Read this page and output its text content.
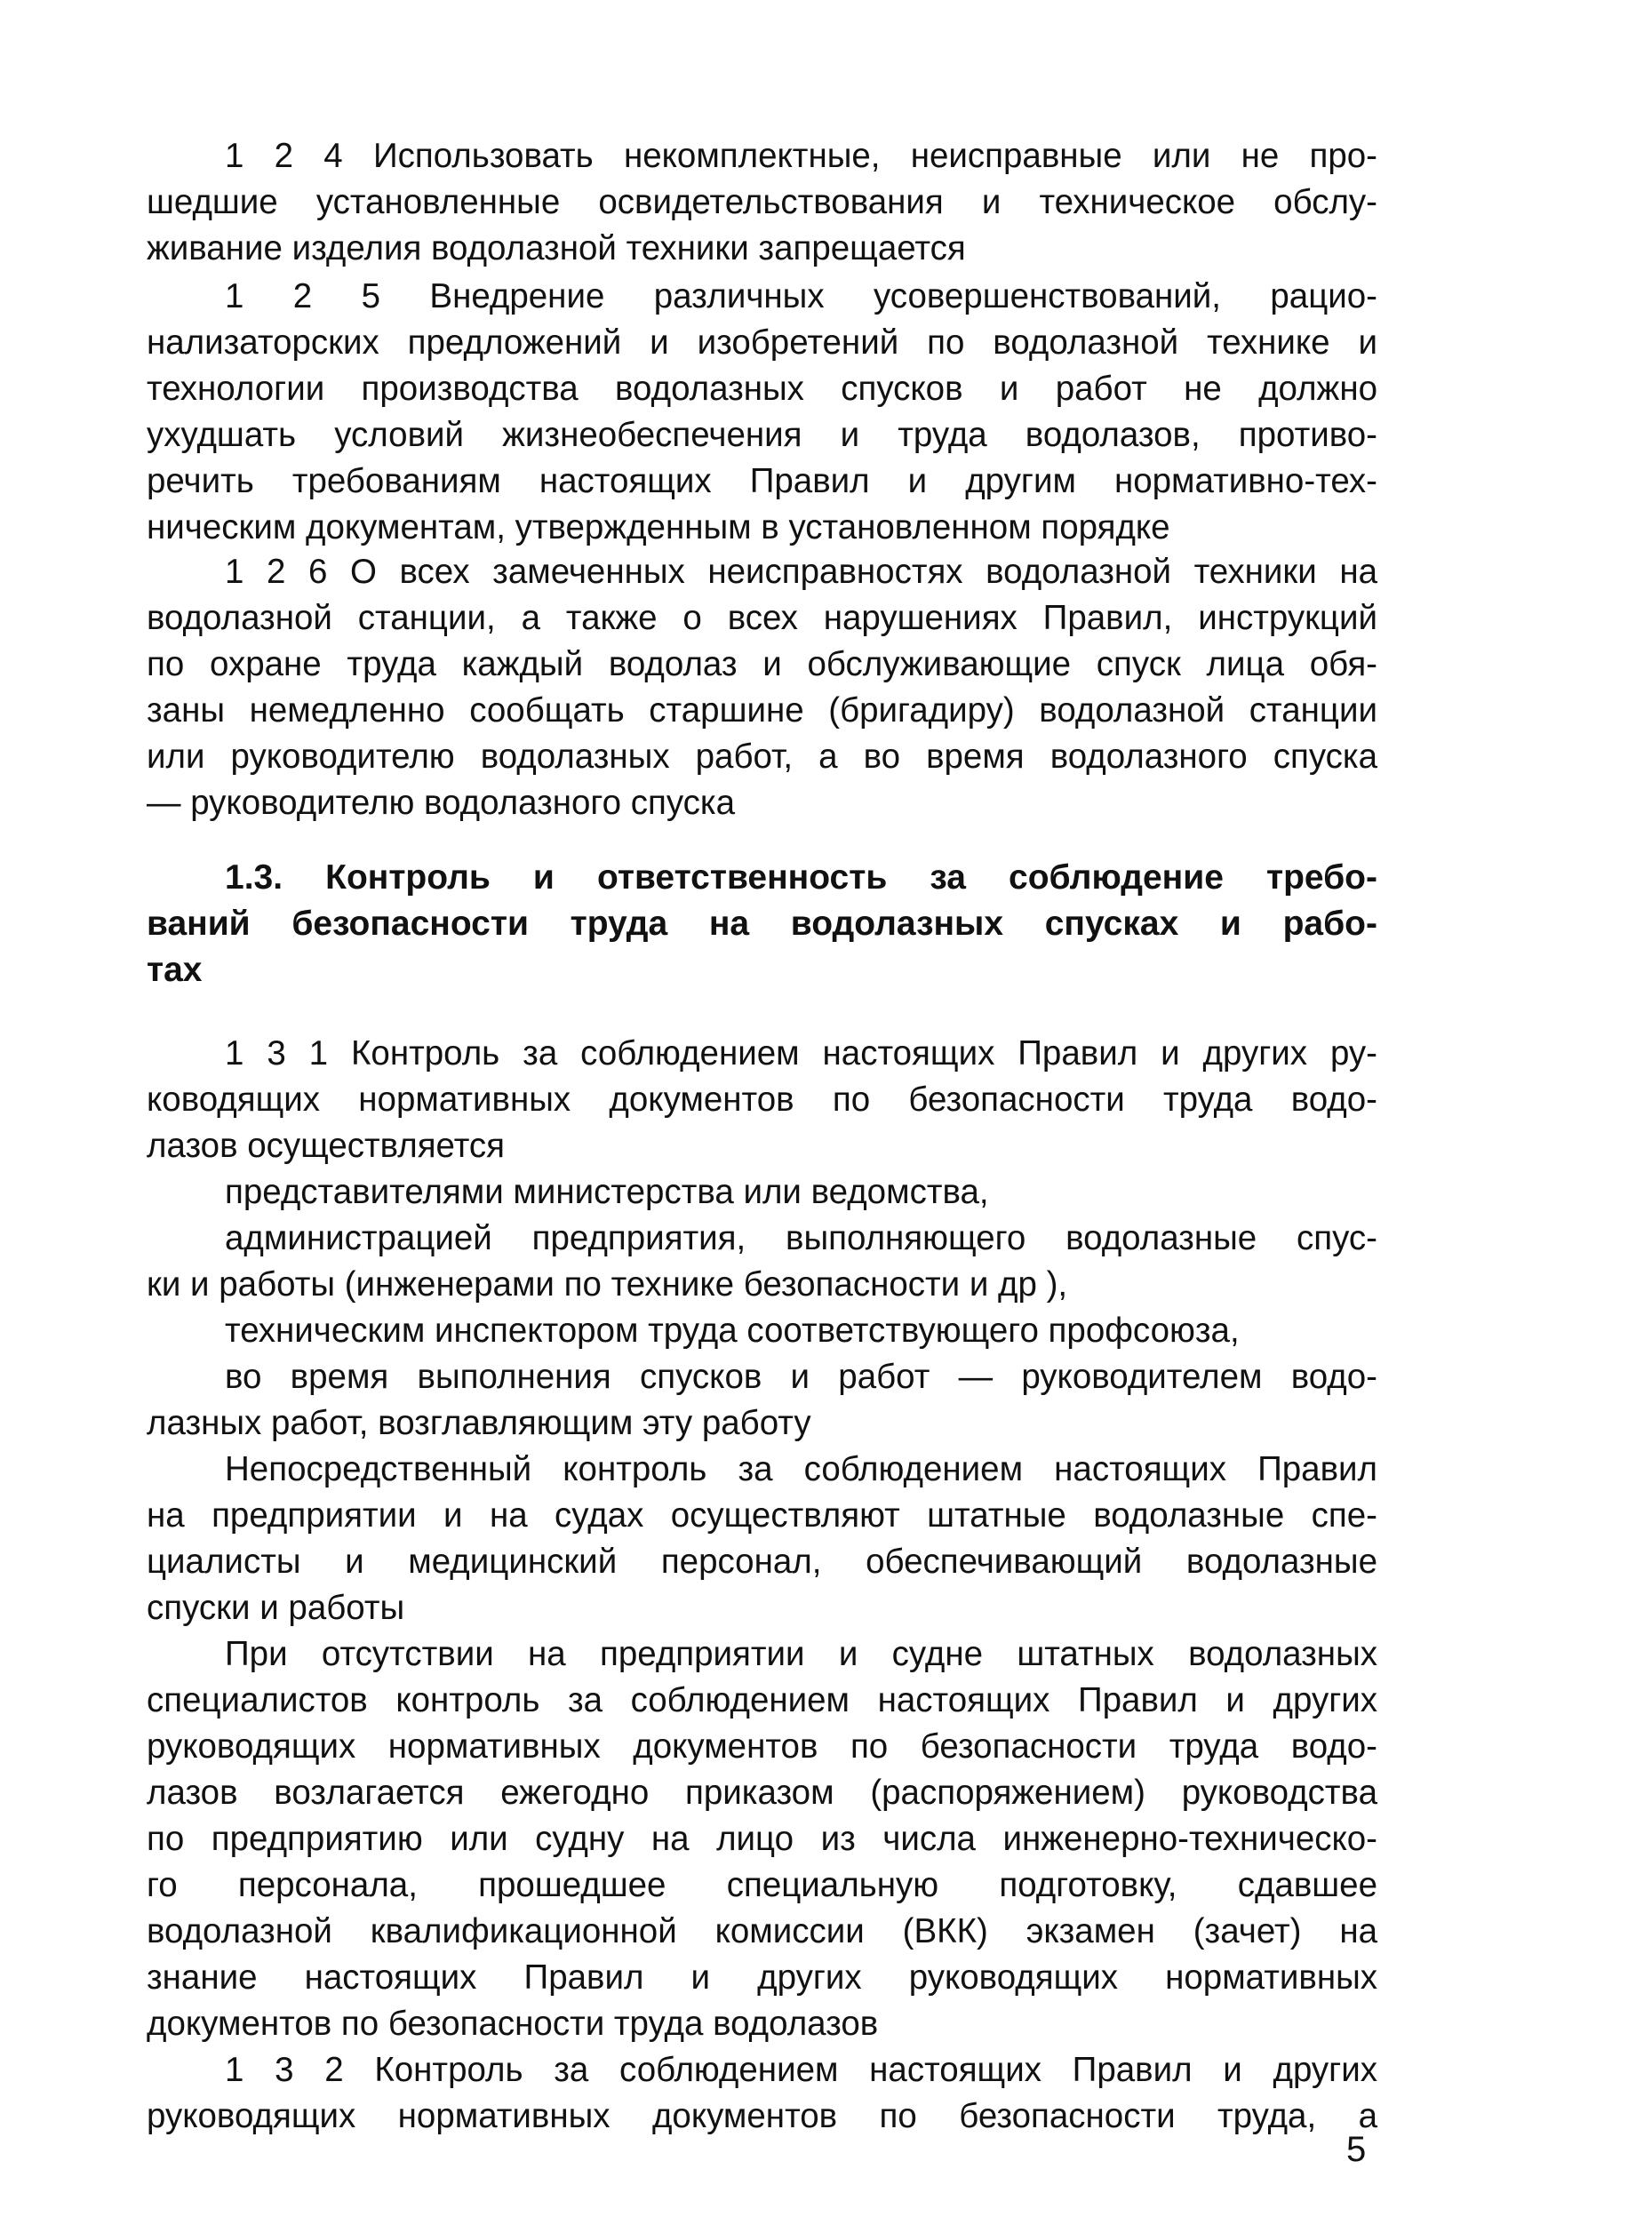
1 2 4 Использовать некомплектные, неисправные или не про-
шедшие установленные освидетельствования и техническое обслу-
живание изделия водолазной техники запрещается
1 2 5 Внедрение различных усовершенствований, рацио-
нализаторских предложений и изобретений по водолазной технике и
технологии производства водолазных спусков и работ не должно
ухудшать условий жизнеобеспечения и труда водолазов, противо-
речить требованиям настоящих Правил и другим нормативно-тех-
ническим документам, утвержденным в установленном порядке
1 2 6 О всех замеченных неисправностях водолазной техники на
водолазной станции, а также о всех нарушениях Правил, инструкций
по охране труда каждый водолаз и обслуживающие спуск лица обя-
заны немедленно сообщать старшине (бригадиру) водолазной станции
или руководителю водолазных работ, а во время водолазного спуска
— руководителю водолазного спуска
1.3. Контроль и ответственность за соблюдение требо-
ваний безопасности труда на водолазных спусках и рабо-
тах
1 3 1 Контроль за соблюдением настоящих Правил и других ру-
ководящих нормативных документов по безопасности труда водо-
лазов осуществляется
представителями министерства или ведомства,
администрацией предприятия, выполняющего водолазные спус-
ки и работы (инженерами по технике безопасности и др ),
техническим инспектором труда соответствующего профсоюза,
во время выполнения спусков и работ — руководителем водо-
лазных работ, возглавляющим эту работу
Непосредственный контроль за соблюдением настоящих Правил
на предприятии и на судах осуществляют штатные водолазные спе-
циалисты и медицинский персонал, обеспечивающий водолазные
спуски и работы
При отсутствии на предприятии и судне штатных водолазных
специалистов контроль за соблюдением настоящих Правил и других
руководящих нормативных документов по безопасности труда водо-
лазов возлагается ежегодно приказом (распоряжением) руководства
по предприятию или судну на лицо из числа инженерно-техническо-
го персонала, прошедшее специальную подготовку, сдавшее
водолазной квалификационной комиссии (ВКК) экзамен (зачет) на
знание настоящих Правил и других руководящих нормативных
документов по безопасности труда водолазов
1 3 2 Контроль за соблюдением настоящих Правил и других
руководящих нормативных документов по безопасности труда, а
5
